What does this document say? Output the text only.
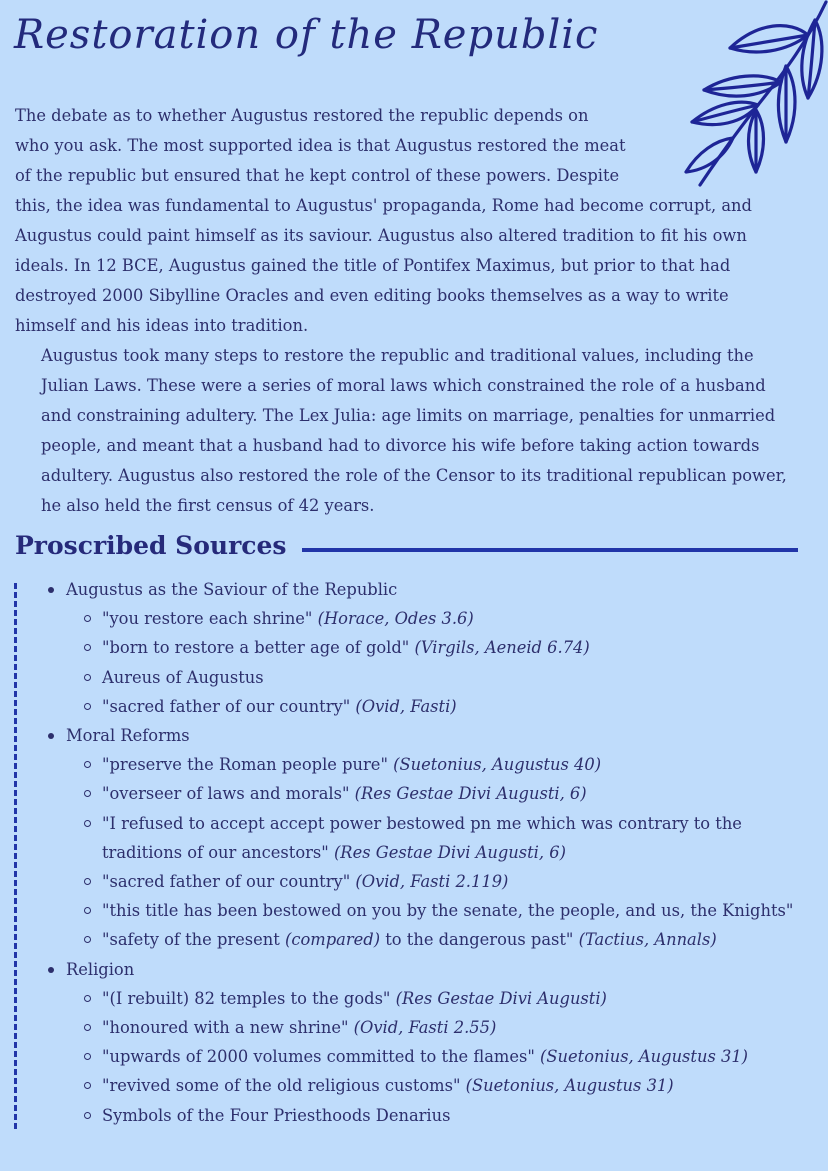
Restoration of the Republic

The debate as to whether Augustus restored the republic depends on
who you ask. The most supported idea is that Augustus restored the meat
of the republic but ensured that he kept control of these powers. Despite
this, the idea was fundamental to Augustus' propaganda, Rome had become corrupt, and
Augustus could paint himself as its saviour. Augustus also altered tradition to fit his own
ideals. In 12 BCE, Augustus gained the title of Pontifex Maximus, but prior to that had
destroyed 2000 Sibylline Oracles and even editing books themselves as a way to write
himself and his ideas into tradition.

Augustus took many steps to restore the republic and traditional values, including the
Julian Laws. These were a series of moral laws which constrained the role of a husband
and constraining adultery. The Lex Julia: age limits on marriage, penalties for unmarried
people, and meant that a husband had to divorce his wife before taking action towards
adultery. Augustus also restored the role of the Censor to its traditional republican power,
he also held the first census of 42 years.

Proscribed Sources
Augustus as the Saviour of the Republic
"you restore each shrine" (Horace, Odes 3.6)
"born to restore a better age of gold" (Virgils, Aeneid 6.74)
Aureus of Augustus
"sacred father of our country" (Ovid, Fasti)
Moral Reforms
"preserve the Roman people pure" (Suetonius, Augustus 40)
"overseer of laws and morals" (Res Gestae Divi Augusti, 6)
"I refused to accept accept power bestowed pn me which was contrary to the
traditions of our ancestors" (Res Gestae Divi Augusti, 6)
"sacred father of our country" (Ovid, Fasti 2.119)
"this title has been bestowed on you by the senate, the people, and us, the Knights"
"safety of the present (compared) to the dangerous past" (Tactius, Annals)
Religion
"(I rebuilt) 82 temples to the gods" (Res Gestae Divi Augusti)
"honoured with a new shrine" (Ovid, Fasti 2.55)
"upwards of 2000 volumes committed to the flames" (Suetonius, Augustus 31)
"revived some of the old religious customs" (Suetonius, Augustus 31)
Symbols of the Four Priesthoods Denarius
